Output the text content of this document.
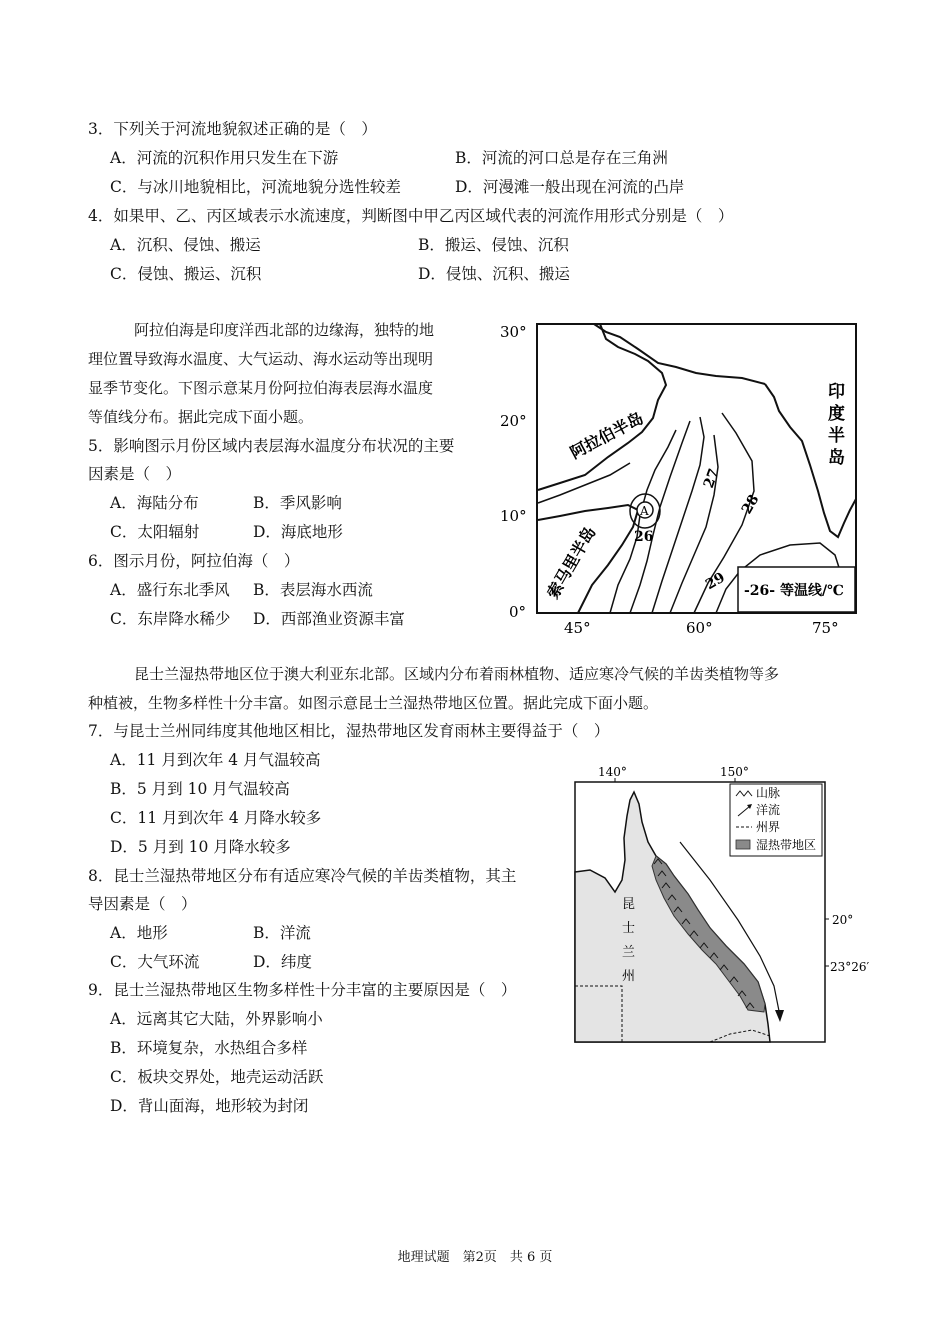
3．下列关于河流地貌叙述正确的是（　）
A．河流的沉积作用只发生在下游	B．河流的河口总是存在三角洲
C．与冰川地貌相比，河流地貌分选性较差	D．河漫滩一般出现在河流的凸岸
4．如果甲、乙、丙区域表示水流速度，判断图中甲乙丙区域代表的河流作用形式分别是（　）
A．沉积、侵蚀、搬运	B．搬运、侵蚀、沉积
C．侵蚀、搬运、沉积	D．侵蚀、沉积、搬运
阿拉伯海是印度洋西北部的边缘海，独特的地
理位置导致海水温度、大气运动、海水运动等出现明
显季节变化。下图示意某月份阿拉伯海表层海水温度
等值线分布。据此完成下面小题。
5．影响图示月份区域内表层海水温度分布状况的主要
因素是（　）
A．海陆分布	B．季风影响
C．太阳辐射	D．海底地形
6．图示月份，阿拉伯海（　）
A．盛行东北季风 B．表层海水西流
C．东岸降水稀少 D．西部渔业资源丰富
30°
20°
10°
0°
45°	60°	75°
A
26
27
28
29
阿拉伯半岛
索马里半岛
印
度
半
岛
-26- 等温线/℃
昆士兰湿热带地区位于澳大利亚东北部。区域内分布着雨林植物、适应寒冷气候的羊齿类植物等多
种植被，生物多样性十分丰富。如图示意昆士兰湿热带地区位置。据此完成下面小题。
7．与昆士兰州同纬度其他地区相比，湿热带地区发育雨林主要得益于（　）
A．11 月到次年 4 月气温较高
B．5 月到 10 月气温较高
C．11 月到次年 4 月降水较多
D．5 月到 10 月降水较多
8．昆士兰湿热带地区分布有适应寒冷气候的羊齿类植物，其主
导因素是（　）
A．地形	B．洋流
C．大气环流	D．纬度
9．昆士兰湿热带地区生物多样性十分丰富的主要原因是（　）
A．远离其它大陆，外界影响小
B．环境复杂，水热组合多样
C．板块交界处，地壳运动活跃
D．背山面海，地形较为封闭
140°	150°
昆
士
兰
州
20°
23°26′
山脉
洋流
州界
湿热带地区
地理试题　第2页　共 6 页
